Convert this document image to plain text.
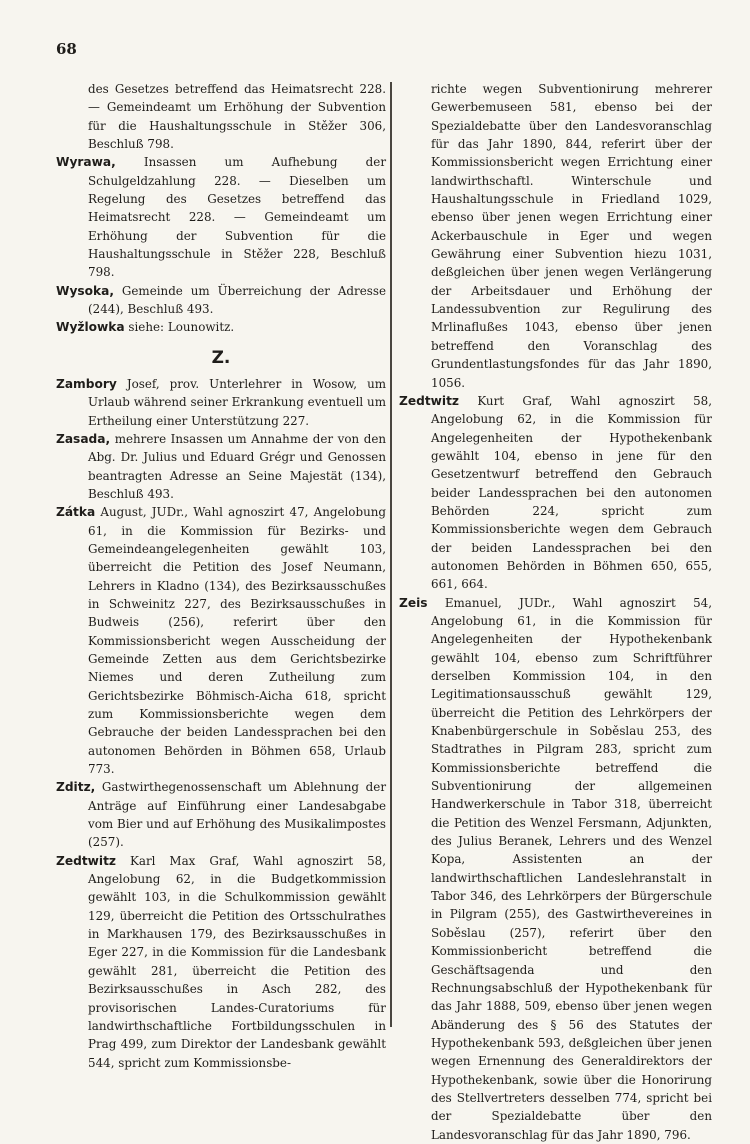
68

des Gesetzes betreffend das Heimatsrecht 228. — Gemeindeamt um Erhöhung der Subvention für die Haushaltungsschule in Stěžer 306, Beschluß 798.

Wyrawa, Insassen um Aufhebung der Schulgeldzahlung 228. — Dieselben um Regelung des Gesetzes betreffend das Heimatsrecht 228. — Gemeindeamt um Erhöhung der Subvention für die Haushaltungsschule in Stěžer 228, Beschluß 798.

Wysoka, Gemeinde um Überreichung der Adresse (244), Beschluß 493.

Wyžlowka siehe: Lounowitz.

Z.

Zambory Josef, prov. Unterlehrer in Wosow, um Urlaub während seiner Erkrankung eventuell um Ertheilung einer Unterstützung 227.

Zasada, mehrere Insassen um Annahme der von den Abg. Dr. Julius und Eduard Grégr und Genossen beantragten Adresse an Seine Majestät (134), Beschluß 493.

Zátka August, JUDr., Wahl agnoszirt 47, Angelobung 61, in die Kommission für Bezirks- und Gemeindeangelegenheiten gewählt 103, überreicht die Petition des Josef Neumann, Lehrers in Kladno (134), des Bezirksausschußes in Schweinitz 227, des Bezirksausschußes in Budweis (256), referirt über den Kommissionsbericht wegen Ausscheidung der Gemeinde Zetten aus dem Gerichtsbezirke Niemes und deren Zutheilung zum Gerichtsbezirke Böhmisch-Aicha 618, spricht zum Kommissionsberichte wegen dem Gebrauche der beiden Landessprachen bei den autonomen Behörden in Böhmen 658, Urlaub 773.

Zditz, Gastwirthegenossenschaft um Ablehnung der Anträge auf Einführung einer Landesabgabe vom Bier und auf Erhöhung des Musikalimpostes (257).

Zedtwitz Karl Max Graf, Wahl agnoszirt 58, Angelobung 62, in die Budgetkommission gewählt 103, in die Schulkommission gewählt 129, überreicht die Petition des Ortsschulrathes in Markhausen 179, des Bezirksausschußes in Eger 227, in die Kommission für die Landesbank gewählt 281, überreicht die Petition des Bezirksausschußes in Asch 282, des provisorischen Landes-Curatoriums für landwirthschaftliche Fortbildungsschulen in Prag 499, zum Direktor der Landesbank gewählt 544, spricht zum Kommissionsbe-

richte wegen Subventionirung mehrerer Gewerbemuseen 581, ebenso bei der Spezialdebatte über den Landesvoranschlag für das Jahr 1890, 844, referirt über der Kommissionsbericht wegen Errichtung einer landwirthschaftl. Winterschule und Haushaltungsschule in Friedland 1029, ebenso über jenen wegen Errichtung einer Ackerbauschule in Eger und wegen Gewährung einer Subvention hiezu 1031, deßgleichen über jenen wegen Verlängerung der Arbeitsdauer und Erhöhung der Landessubvention zur Regulirung des Mrlinaflußes 1043, ebenso über jenen betreffend den Voranschlag des Grundentlastungsfondes für das Jahr 1890, 1056.

Zedtwitz Kurt Graf, Wahl agnoszirt 58, Angelobung 62, in die Kommission für Angelegenheiten der Hypothekenbank gewählt 104, ebenso in jene für den Gesetzentwurf betreffend den Gebrauch beider Landessprachen bei den autonomen Behörden 224, spricht zum Kommissionsberichte wegen dem Gebrauch der beiden Landessprachen bei den autonomen Behörden in Böhmen 650, 655, 661, 664.

Zeis Emanuel, JUDr., Wahl agnoszirt 54, Angelobung 61, in die Kommission für Angelegenheiten der Hypothekenbank gewählt 104, ebenso zum Schriftführer derselben Kommission 104, in den Legitimationsausschuß gewählt 129, überreicht die Petition des Lehrkörpers der Knabenbürgerschule in Soběslau 253, des Stadtrathes in Pilgram 283, spricht zum Kommissionsberichte betreffend die Subventionirung der allgemeinen Handwerkerschule in Tabor 318, überreicht die Petition des Wenzel Fersmann, Adjunkten, des Julius Beranek, Lehrers und des Wenzel Kopa, Assistenten an der landwirthschaftlichen Landeslehranstalt in Tabor 346, des Lehrkörpers der Bürgerschule in Pilgram (255), des Gastwirthevereines in Soběslau (257), referirt über den Kommissionbericht betreffend die Geschäftsagenda und den Rechnungsabschluß der Hypothekenbank für das Jahr 1888, 509, ebenso über jenen wegen Abänderung des § 56 des Statutes der Hypothekenbank 593, deßgleichen über jenen wegen Ernennung des Generaldirektors der Hypothekenbank, sowie über die Honorirung des Stellvertreters desselben 774, spricht bei der Spezialdebatte über den Landesvoranschlag für das Jahr 1890, 796.
